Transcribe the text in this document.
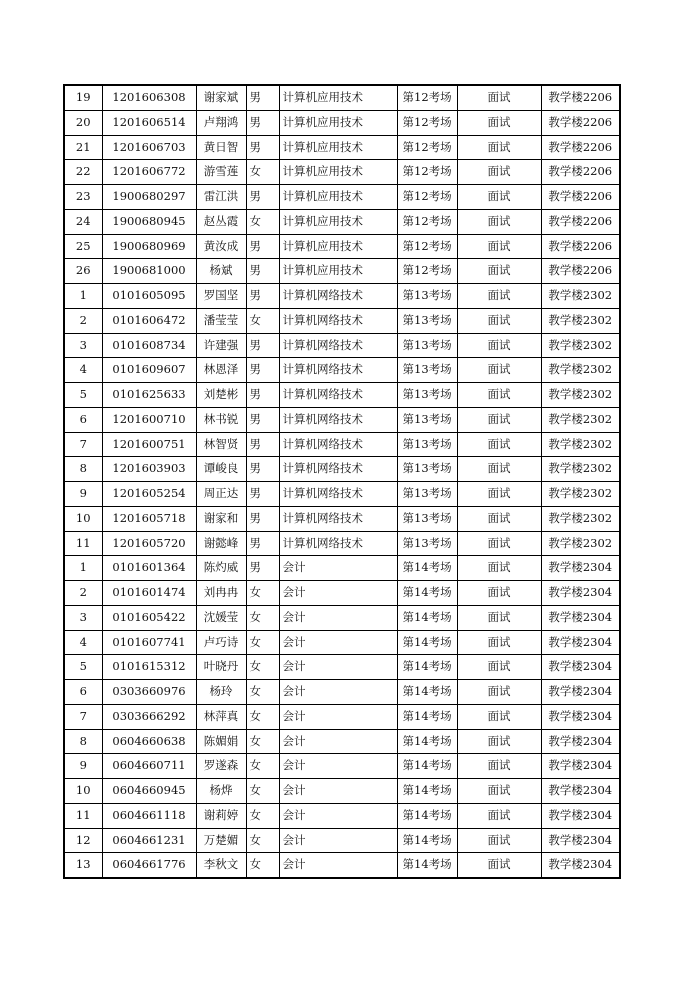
19	1201606308	谢家斌	男	计算机应用技术	第12考场	面试	教学楼2206
20	1201606514	卢翔鸿	男	计算机应用技术	第12考场	面试	教学楼2206
21	1201606703	黄日智	男	计算机应用技术	第12考场	面试	教学楼2206
22	1201606772	游雪莲	女	计算机应用技术	第12考场	面试	教学楼2206
23	1900680297	雷江洪	男	计算机应用技术	第12考场	面试	教学楼2206
24	1900680945	赵丛霞	女	计算机应用技术	第12考场	面试	教学楼2206
25	1900680969	黄汝成	男	计算机应用技术	第12考场	面试	教学楼2206
26	1900681000	杨斌	男	计算机应用技术	第12考场	面试	教学楼2206
1	0101605095	罗国坚	男	计算机网络技术	第13考场	面试	教学楼2302
2	0101606472	潘莹莹	女	计算机网络技术	第13考场	面试	教学楼2302
3	0101608734	许建强	男	计算机网络技术	第13考场	面试	教学楼2302
4	0101609607	林恩泽	男	计算机网络技术	第13考场	面试	教学楼2302
5	0101625633	刘楚彬	男	计算机网络技术	第13考场	面试	教学楼2302
6	1201600710	林书锐	男	计算机网络技术	第13考场	面试	教学楼2302
7	1201600751	林智贤	男	计算机网络技术	第13考场	面试	教学楼2302
8	1201603903	谭峻良	男	计算机网络技术	第13考场	面试	教学楼2302
9	1201605254	周正达	男	计算机网络技术	第13考场	面试	教学楼2302
10	1201605718	谢家和	男	计算机网络技术	第13考场	面试	教学楼2302
11	1201605720	谢懿峰	男	计算机网络技术	第13考场	面试	教学楼2302
1	0101601364	陈灼威	男	会计	第14考场	面试	教学楼2304
2	0101601474	刘冉冉	女	会计	第14考场	面试	教学楼2304
3	0101605422	沈媛莹	女	会计	第14考场	面试	教学楼2304
4	0101607741	卢巧诗	女	会计	第14考场	面试	教学楼2304
5	0101615312	叶晓丹	女	会计	第14考场	面试	教学楼2304
6	0303660976	杨玲	女	会计	第14考场	面试	教学楼2304
7	0303666292	林萍真	女	会计	第14考场	面试	教学楼2304
8	0604660638	陈媚娟	女	会计	第14考场	面试	教学楼2304
9	0604660711	罗遂森	女	会计	第14考场	面试	教学楼2304
10	0604660945	杨烨	女	会计	第14考场	面试	教学楼2304
11	0604661118	谢莉婷	女	会计	第14考场	面试	教学楼2304
12	0604661231	万楚媚	女	会计	第14考场	面试	教学楼2304
13	0604661776	李秋文	女	会计	第14考场	面试	教学楼2304
